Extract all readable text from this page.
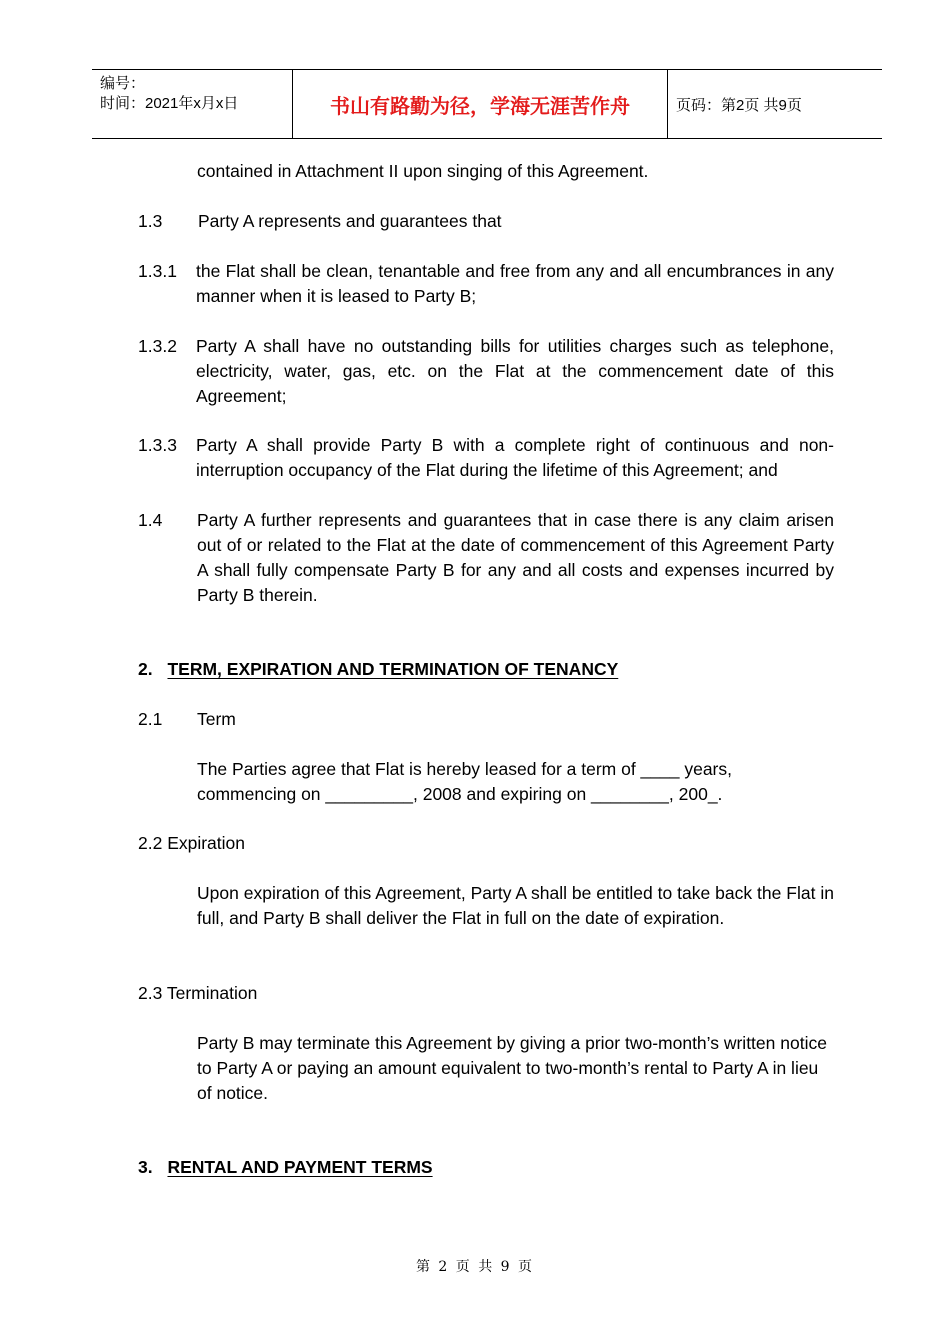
编号：
时间：2021年x月x日	书山有路勤为径，学海无涯苦作舟	页码：第2页 共9页

contained in Attachment II upon singing of this Agreement.

1.3 Party A represents and guarantees that

1.3.1 the Flat shall be clean, tenantable and free from any and all encumbrances in any manner when it is leased to Party B;

1.3.2 Party A shall have no outstanding bills for utilities charges such as telephone, electricity, water, gas, etc. on the Flat at the commencement date of this Agreement;

1.3.3 Party A shall provide Party B with a complete right of continuous and non-interruption occupancy of the Flat during the lifetime of this Agreement; and

1.4 Party A further represents and guarantees that in case there is any claim arisen out of or related to the Flat at the date of commencement of this Agreement Party A shall fully compensate Party B for any and all costs and expenses incurred by Party B therein.

2. TERM, EXPIRATION AND TERMINATION OF TENANCY
2.1 Term

The Parties agree that Flat is hereby leased for a term of ____ years, commencing on _________, 2008 and expiring on ________, 200_.

2.2 Expiration

Upon expiration of this Agreement, Party A shall be entitled to take back the Flat in full, and Party B shall deliver the Flat in full on the date of expiration.

2.3 Termination

Party B may terminate this Agreement by giving a prior two-month’s written notice to Party A or paying an amount equivalent to two-month’s rental to Party A in lieu of notice.

3. RENTAL AND PAYMENT TERMS
第 2 页 共 9 页
